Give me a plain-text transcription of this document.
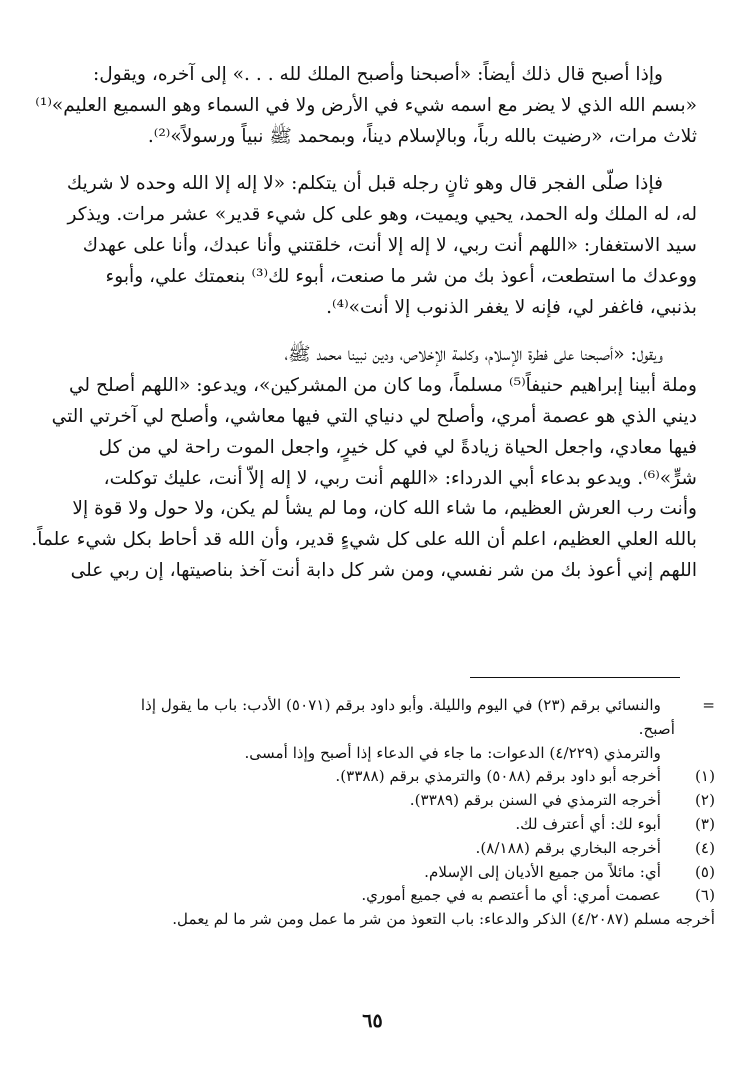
وإذا أصبح قال ذلك أيضاً: «أصبحنا وأصبح الملك لله . . .» إلى آخره، ويقول:
«بسم الله الذي لا يضر مع اسمه شيء في الأرض ولا في السماء وهو السميع العليم»⁽¹⁾
ثلاث مرات، «رضيت بالله رباً، وبالإسلام ديناً، وبمحمد ﷺ نبياً ورسولاً»⁽²⁾.

فإذا صلّى الفجر قال وهو ثانٍ رجله قبل أن يتكلم: «لا إله إلا الله وحده لا شريك
له، له الملك وله الحمد، يحيي ويميت، وهو على كل شيء قدير» عشر مرات. ويذكر
سيد الاستغفار: «اللهم أنت ربي، لا إله إلا أنت، خلقتني وأنا عبدك، وأنا على عهدك
ووعدك ما استطعت، أعوذ بك من شر ما صنعت، أبوء لك⁽³⁾ بنعمتك علي، وأبوء
بذنبي، فاغفر لي، فإنه لا يغفر الذنوب إلا أنت»⁽⁴⁾.

ويقول: «أصبحنا على فطرة الإسلام، وكلمة الإخلاص، ودين نبينا محمد ﷺ،
وملة أبينا إبراهيم حنيفاً⁽⁵⁾ مسلماً، وما كان من المشركين»، ويدعو: «اللهم أصلح لي
ديني الذي هو عصمة أمري، وأصلح لي دنياي التي فيها معاشي، وأصلح لي آخرتي التي
فيها معادي، واجعل الحياة زيادةً لي في كل خيرٍ، واجعل الموت راحة لي من كل
شرٍّ»⁽⁶⁾. ويدعو بدعاء أبي الدرداء: «اللهم أنت ربي، لا إله إلاّ أنت، عليك توكلت،
وأنت رب العرش العظيم، ما شاء الله كان، وما لم يشأ لم يكن، ولا حول ولا قوة إلا
بالله العلي العظيم، اعلم أن الله على كل شيءٍ قدير، وأن الله قد أحاط بكل شيء علماً.
اللهم إني أعوذ بك من شر نفسي، ومن شر كل دابة أنت آخذ بناصيتها، إن ربي على

=
والنسائي برقم (٢٣) في اليوم والليلة. وأبو داود برقم (٥٠٧١) الأدب: باب ما يقول إذا
أصبح.
والترمذي (٤/٢٢٩) الدعوات: ما جاء في الدعاء إذا أصبح وإذا أمسى.
(١)
أخرجه أبو داود برقم (٥٠٨٨) والترمذي برقم (٣٣٨٨).
(٢)
أخرجه الترمذي في السنن برقم (٣٣٨٩).
(٣)
أبوء لك: أي أعترف لك.
(٤)
أخرجه البخاري برقم (٨/١٨٨).
(٥)
أي: مائلاً من جميع الأديان إلى الإسلام.
(٦)
عصمت أمري: أي ما أعتصم به في جميع أموري.
أخرجه مسلم (٤/٢٠٨٧) الذكر والدعاء: باب التعوذ من شر ما عمل ومن شر ما لم يعمل.
٦٥
